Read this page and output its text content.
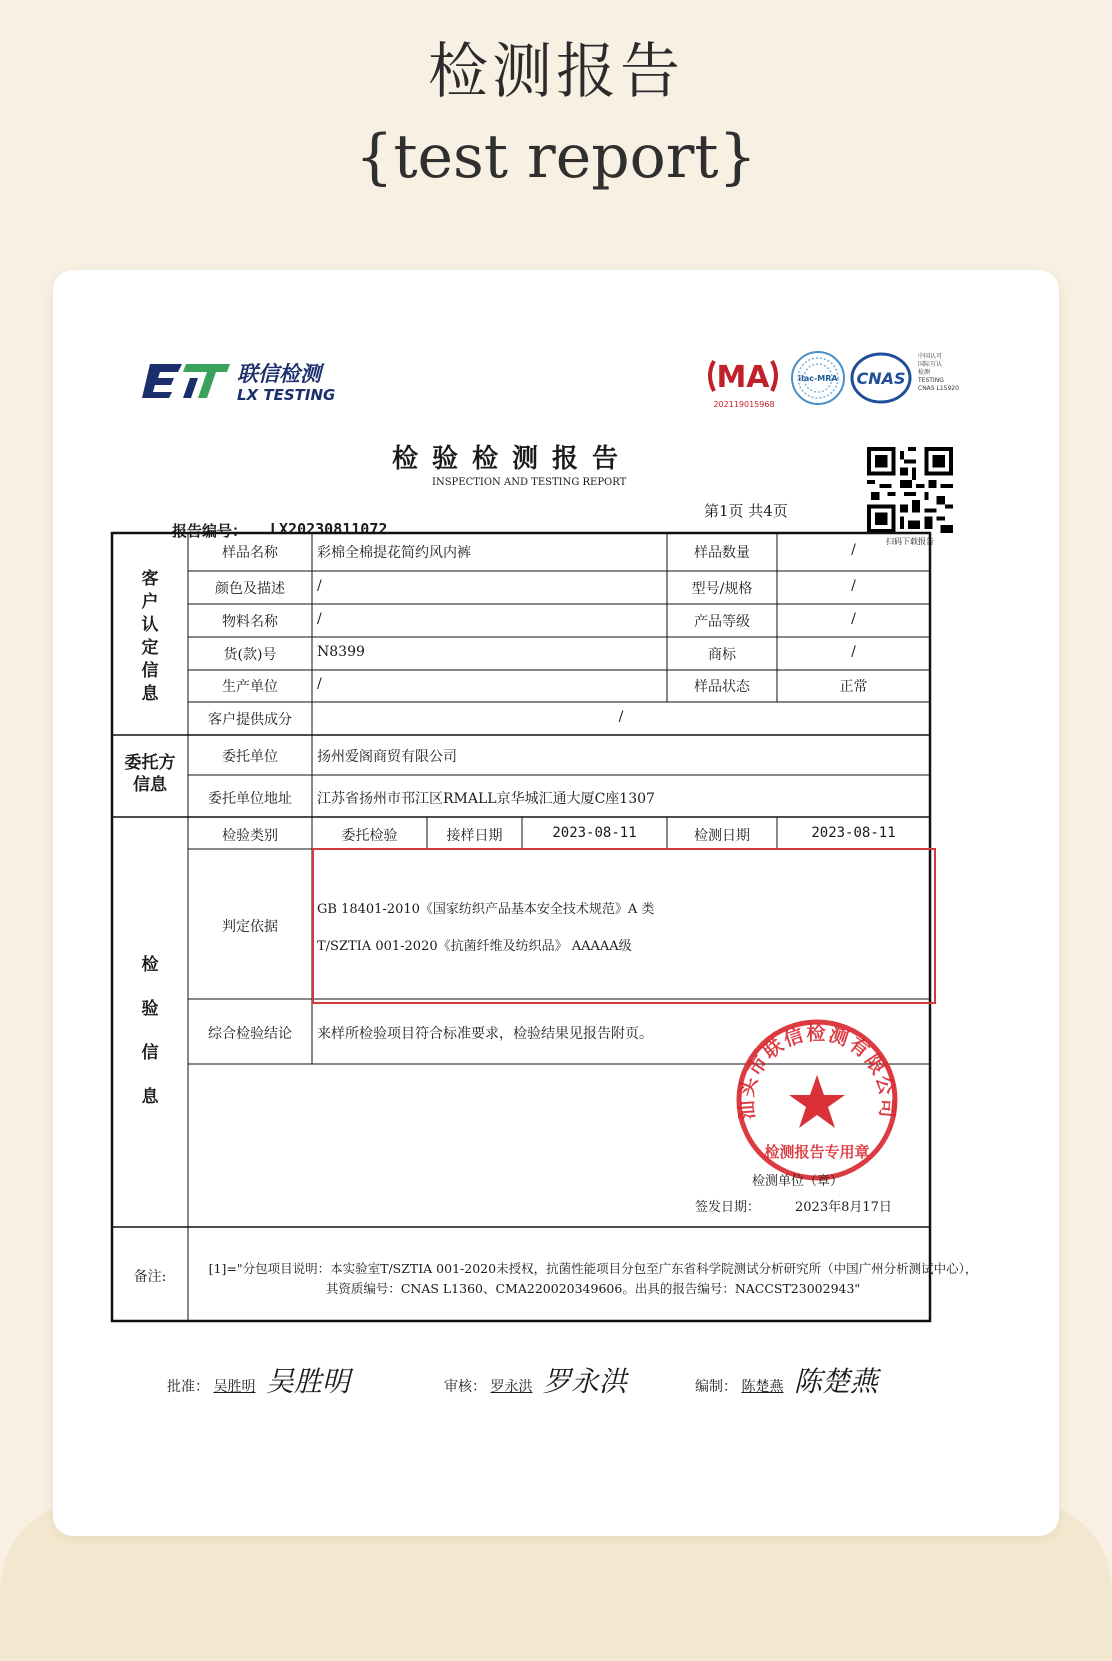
检测报告
{test report}
联信检测
LX TESTING	MA
202119015968
ilac-MRA CNAS
中国认可
国际互认
检测
TESTING
CNAS L15920
检验检测报告
INSPECTION AND TESTING REPORT
扫码下载报告
第1页 共4页
报告编号： LX20230811072
客户认定信息
委托方信息
检验信息
样品名称	彩棉全棉提花简约风内裤	样品数量	/
颜色及描述	/	型号/规格	/
物料名称	/	产品等级	/
货(款)号	N8399	商标	/
生产单位	/	样品状态	正常
客户提供成分	/
委托单位	扬州爱阁商贸有限公司
委托单位地址	江苏省扬州市邗江区RMALL京华城汇通大厦C座1307
检验类别	委托检验	接样日期	2023-08-11	检测日期	2023-08-11
判定依据
GB 18401-2010《国家纺织产品基本安全技术规范》A 类
T/SZTIA 001-2020《抗菌纤维及纺织品》 AAAAA级
综合检验结论	来样所检验项目符合标准要求，检验结果见报告附页。
汕头市联信检测有限公司
检测报告专用章
检测单位（章）
签发日期：	2023年8月17日
备注:
[1]="分包项目说明：本实验室T/SZTIA 001-2020未授权，抗菌性能项目分包至广东省科学院测试分析研究所（中国广州分析测试中心），其资质编号：CNAS L1360、CMA220020349606。出具的报告编号：NACCST23002943"
批准： 吴胜明 吴胜明	审核： 罗永洪 罗永洪	编制： 陈楚燕 陈楚燕
